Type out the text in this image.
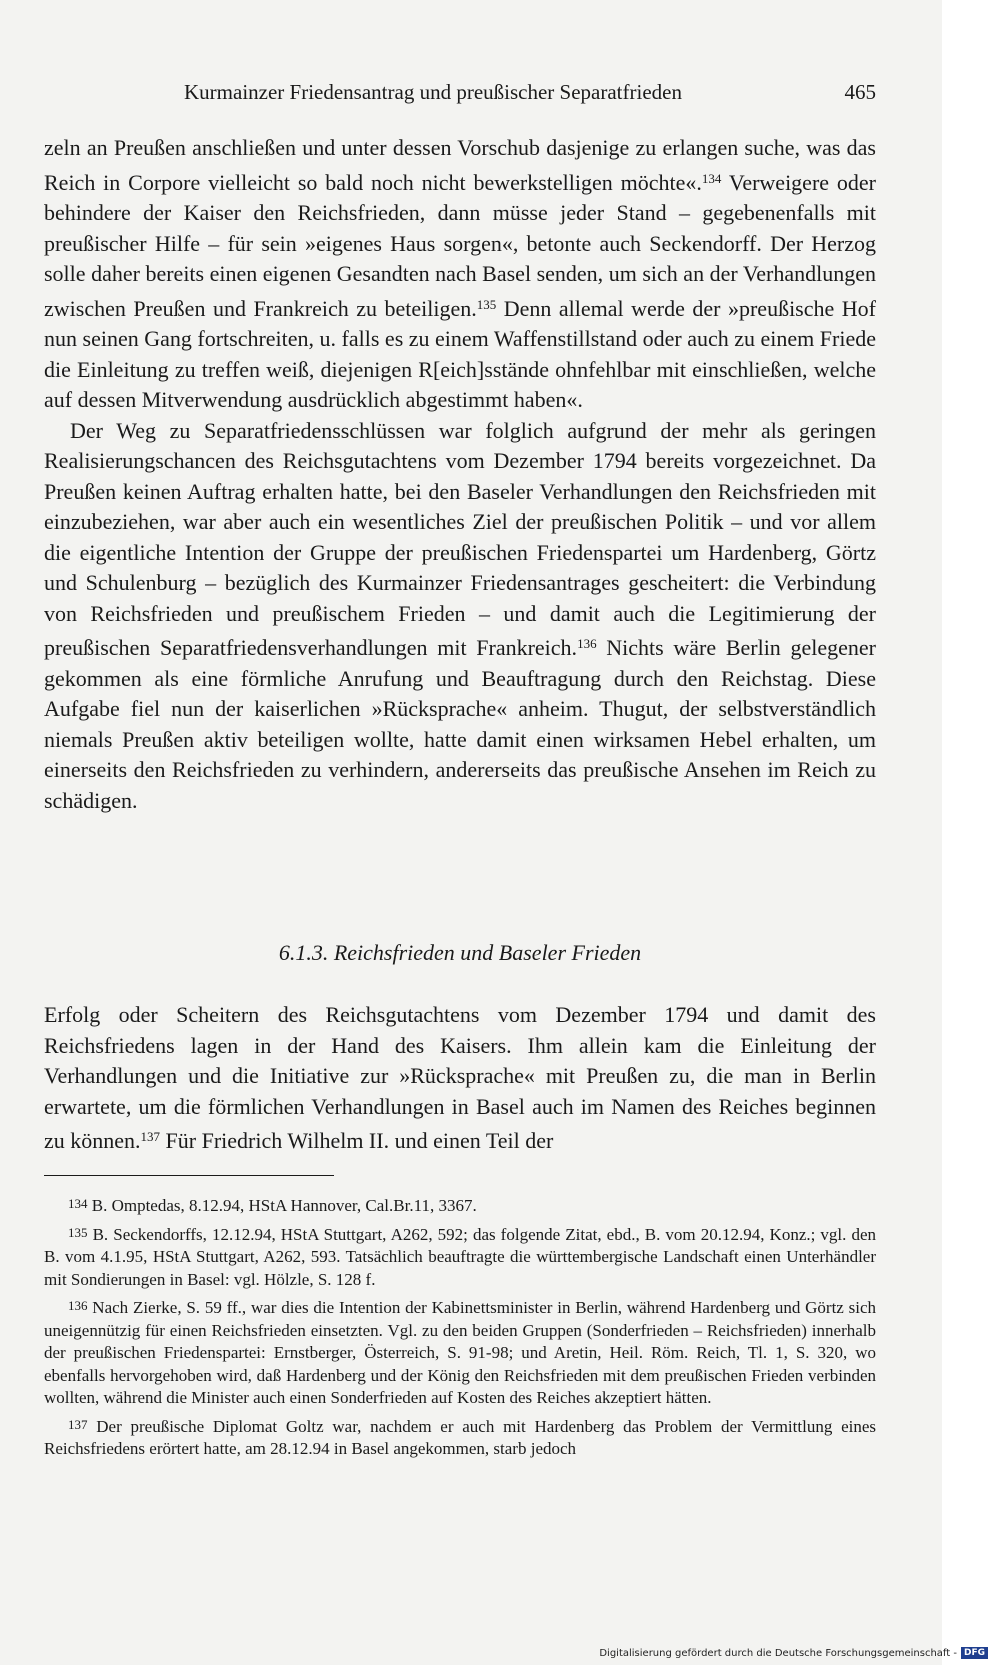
Kurmainzer Friedensantrag und preußischer Separatfrieden	465

zeln an Preußen anschließen und unter dessen Vorschub dasjenige zu erlangen suche, was das Reich in Corpore vielleicht so bald noch nicht bewerkstelligen möchte«.$^{134}$ Verweigere oder behindere der Kaiser den Reichsfrieden, dann müsse jeder Stand – gegebenenfalls mit preußischer Hilfe – für sein »eigenes Haus sorgen«, betonte auch Seckendorff. Der Herzog solle daher bereits einen eigenen Gesandten nach Basel senden, um sich an der Verhandlungen zwischen Preußen und Frankreich zu beteiligen.$^{135}$ Denn allemal werde der »preußische Hof nun seinen Gang fortschreiten, u. falls es zu einem Waffenstillstand oder auch zu einem Friede die Einleitung zu treffen weiß, diejenigen R[eich]sstände ohnfehlbar mit einschließen, welche auf dessen Mitverwendung ausdrücklich abgestimmt haben«.

Der Weg zu Separatfriedensschlüssen war folglich aufgrund der mehr als geringen Realisierungschancen des Reichsgutachtens vom Dezember 1794 bereits vorgezeichnet. Da Preußen keinen Auftrag erhalten hatte, bei den Baseler Verhandlungen den Reichsfrieden mit einzubeziehen, war aber auch ein wesentliches Ziel der preußischen Politik – und vor allem die eigentliche Intention der Gruppe der preußischen Friedenspartei um Hardenberg, Görtz und Schulenburg – bezüglich des Kurmainzer Friedensantrages gescheitert: die Verbindung von Reichsfrieden und preußischem Frieden – und damit auch die Legitimierung der preußischen Separatfriedensverhandlungen mit Frankreich.$^{136}$ Nichts wäre Berlin gelegener gekommen als eine förmliche Anrufung und Beauftragung durch den Reichstag. Diese Aufgabe fiel nun der kaiserlichen »Rücksprache« anheim. Thugut, der selbstverständlich niemals Preußen aktiv beteiligen wollte, hatte damit einen wirksamen Hebel erhalten, um einerseits den Reichsfrieden zu verhindern, andererseits das preußische Ansehen im Reich zu schädigen.

6.1.3. Reichsfrieden und Baseler Frieden

Erfolg oder Scheitern des Reichsgutachtens vom Dezember 1794 und damit des Reichsfriedens lagen in der Hand des Kaisers. Ihm allein kam die Einleitung der Verhandlungen und die Initiative zur »Rücksprache« mit Preußen zu, die man in Berlin erwartete, um die förmlichen Verhandlungen in Basel auch im Namen des Reiches beginnen zu können.$^{137}$ Für Friedrich Wilhelm II. und einen Teil der

134 B. Omptedas, 8.12.94, HStA Hannover, Cal.Br.11, 3367.

135 B. Seckendorffs, 12.12.94, HStA Stuttgart, A262, 592; das folgende Zitat, ebd., B. vom 20.12.94, Konz.; vgl. den B. vom 4.1.95, HStA Stuttgart, A262, 593. Tatsächlich beauftragte die württembergische Landschaft einen Unterhändler mit Sondierungen in Basel: vgl. Hölzle, S. 128 f.

136 Nach Zierke, S. 59 ff., war dies die Intention der Kabinettsminister in Berlin, während Hardenberg und Görtz sich uneigennützig für einen Reichsfrieden einsetzten. Vgl. zu den beiden Gruppen (Sonderfrieden – Reichsfrieden) innerhalb der preußischen Friedenspartei: Ernstberger, Österreich, S. 91-98; und Aretin, Heil. Röm. Reich, Tl. 1, S. 320, wo ebenfalls hervorgehoben wird, daß Hardenberg und der König den Reichsfrieden mit dem preußischen Frieden verbinden wollten, während die Minister auch einen Sonderfrieden auf Kosten des Reiches akzeptiert hätten.

137 Der preußische Diplomat Goltz war, nachdem er auch mit Hardenberg das Problem der Vermittlung eines Reichsfriedens erörtert hatte, am 28.12.94 in Basel angekommen, starb jedoch

Digitalisierung gefördert durch die Deutsche Forschungsgemeinschaft - DFG
